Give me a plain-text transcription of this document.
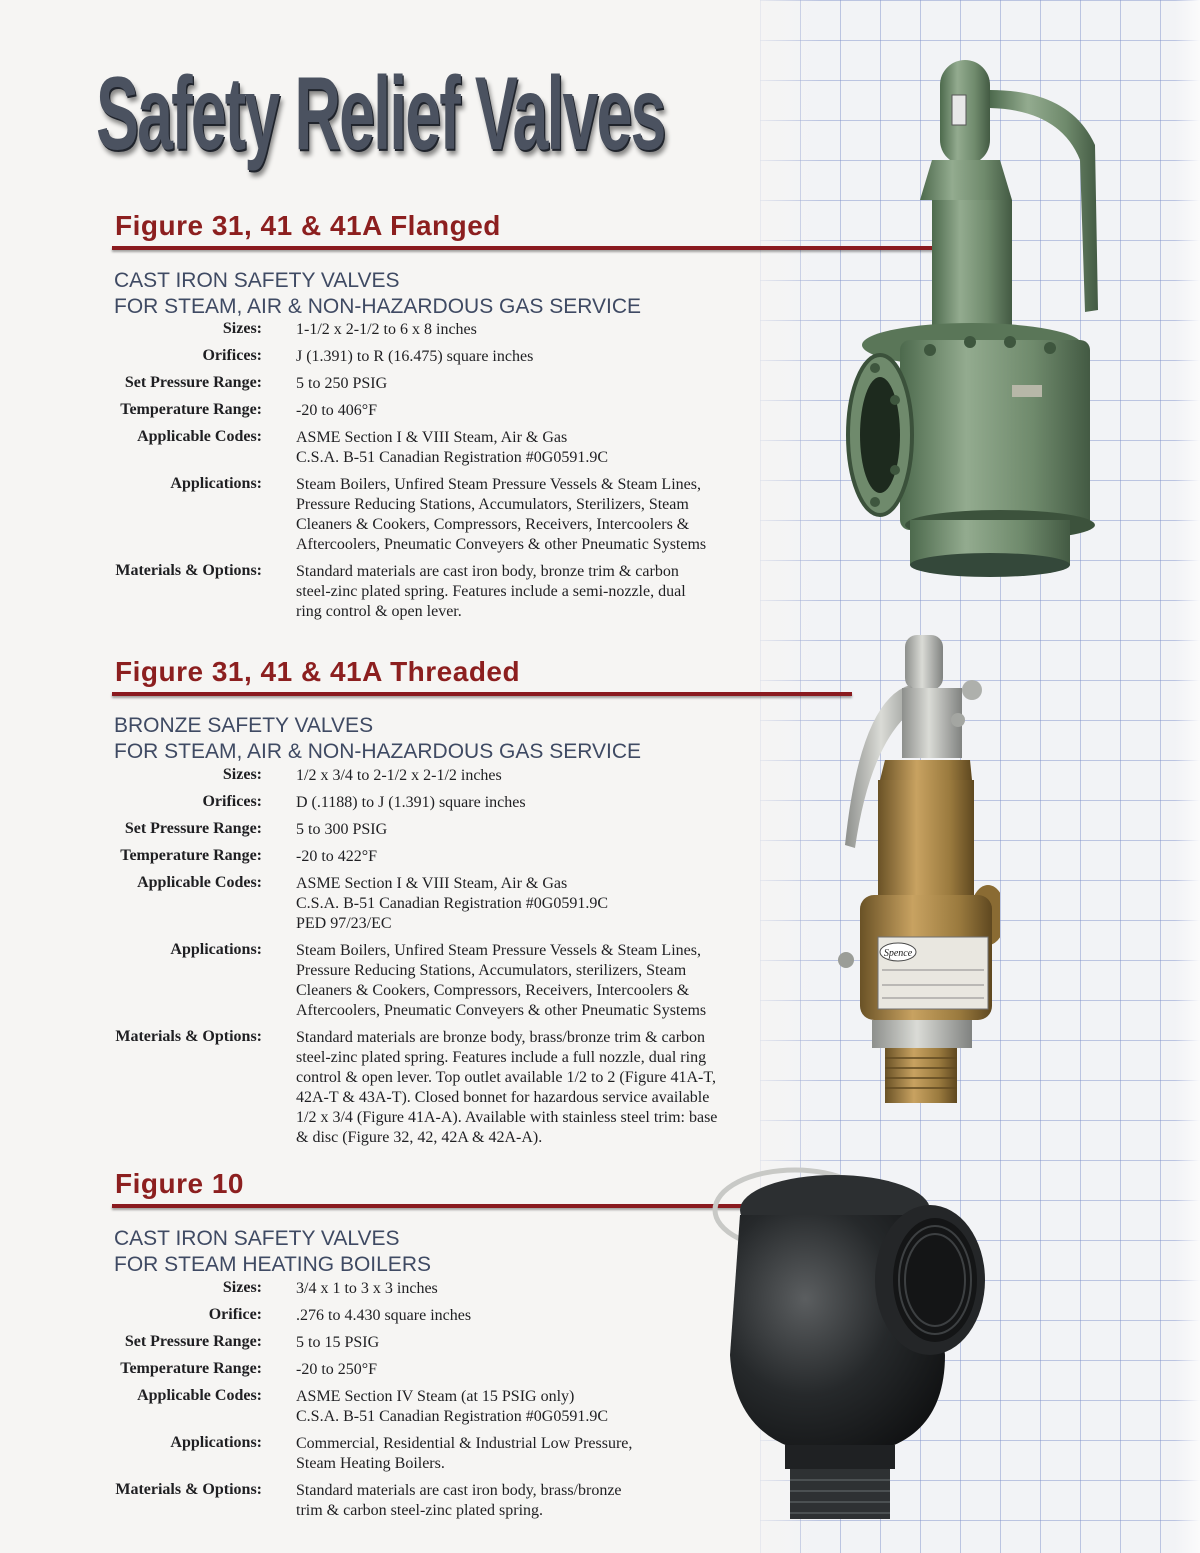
Safety Relief Valves
Figure 31, 41 & 41A Flanged
CAST IRON SAFETY VALVES
FOR STEAM, AIR & NON-HAZARDOUS GAS SERVICE
Sizes:	1-1/2 x 2-1/2 to 6 x 8 inches
Orifices:	J (1.391) to R (16.475) square inches
Set Pressure Range:	5 to 250 PSIG
Temperature Range:	-20 to 406°F
Applicable Codes:	ASME Section I & VIII Steam, Air & Gas
C.S.A. B-51 Canadian Registration #0G0591.9C
Applications:	Steam Boilers, Unfired Steam Pressure Vessels & Steam Lines,
Pressure Reducing Stations, Accumulators, Sterilizers, Steam
Cleaners & Cookers, Compressors, Receivers, Intercoolers &
Aftercoolers, Pneumatic Conveyers & other Pneumatic Systems
Materials & Options:	Standard materials are cast iron body, bronze trim & carbon
steel-zinc plated spring. Features include a semi-nozzle, dual
ring control & open lever.
Figure 31, 41 & 41A Threaded
BRONZE SAFETY VALVES
FOR STEAM, AIR & NON-HAZARDOUS GAS SERVICE
Sizes:	1/2 x 3/4 to 2-1/2 x 2-1/2 inches
Orifices:	D (.1188) to J (1.391) square inches
Set Pressure Range:	5 to 300 PSIG
Temperature Range:	-20 to 422°F
Applicable Codes:	ASME Section I & VIII Steam, Air & Gas
C.S.A. B-51 Canadian Registration #0G0591.9C
PED 97/23/EC
Applications:	Steam Boilers, Unfired Steam Pressure Vessels & Steam Lines,
Pressure Reducing Stations, Accumulators, sterilizers, Steam
Cleaners & Cookers, Compressors, Receivers, Intercoolers &
Aftercoolers, Pneumatic Conveyers & other Pneumatic Systems
Materials & Options:	Standard materials are bronze body, brass/bronze trim & carbon
steel-zinc plated spring. Features include a full nozzle, dual ring
control & open lever. Top outlet available 1/2 to 2 (Figure 41A-T,
42A-T & 43A-T). Closed bonnet for hazardous service available
1/2 x 3/4 (Figure 41A-A). Available with stainless steel trim: base
& disc (Figure 32, 42, 42A & 42A-A).
Figure 10
CAST IRON SAFETY VALVES
FOR STEAM HEATING BOILERS
Sizes:	3/4 x 1 to 3 x 3 inches
Orifice:	.276 to 4.430 square inches
Set Pressure Range:	5 to 15 PSIG
Temperature Range:	-20 to 250°F
Applicable Codes:	ASME Section IV Steam (at 15 PSIG only)
C.S.A. B-51 Canadian Registration #0G0591.9C
Applications:	Commercial, Residential & Industrial Low Pressure,
Steam Heating Boilers.
Materials & Options:	Standard materials are cast iron body, brass/bronze
trim & carbon steel-zinc plated spring.
Spence
